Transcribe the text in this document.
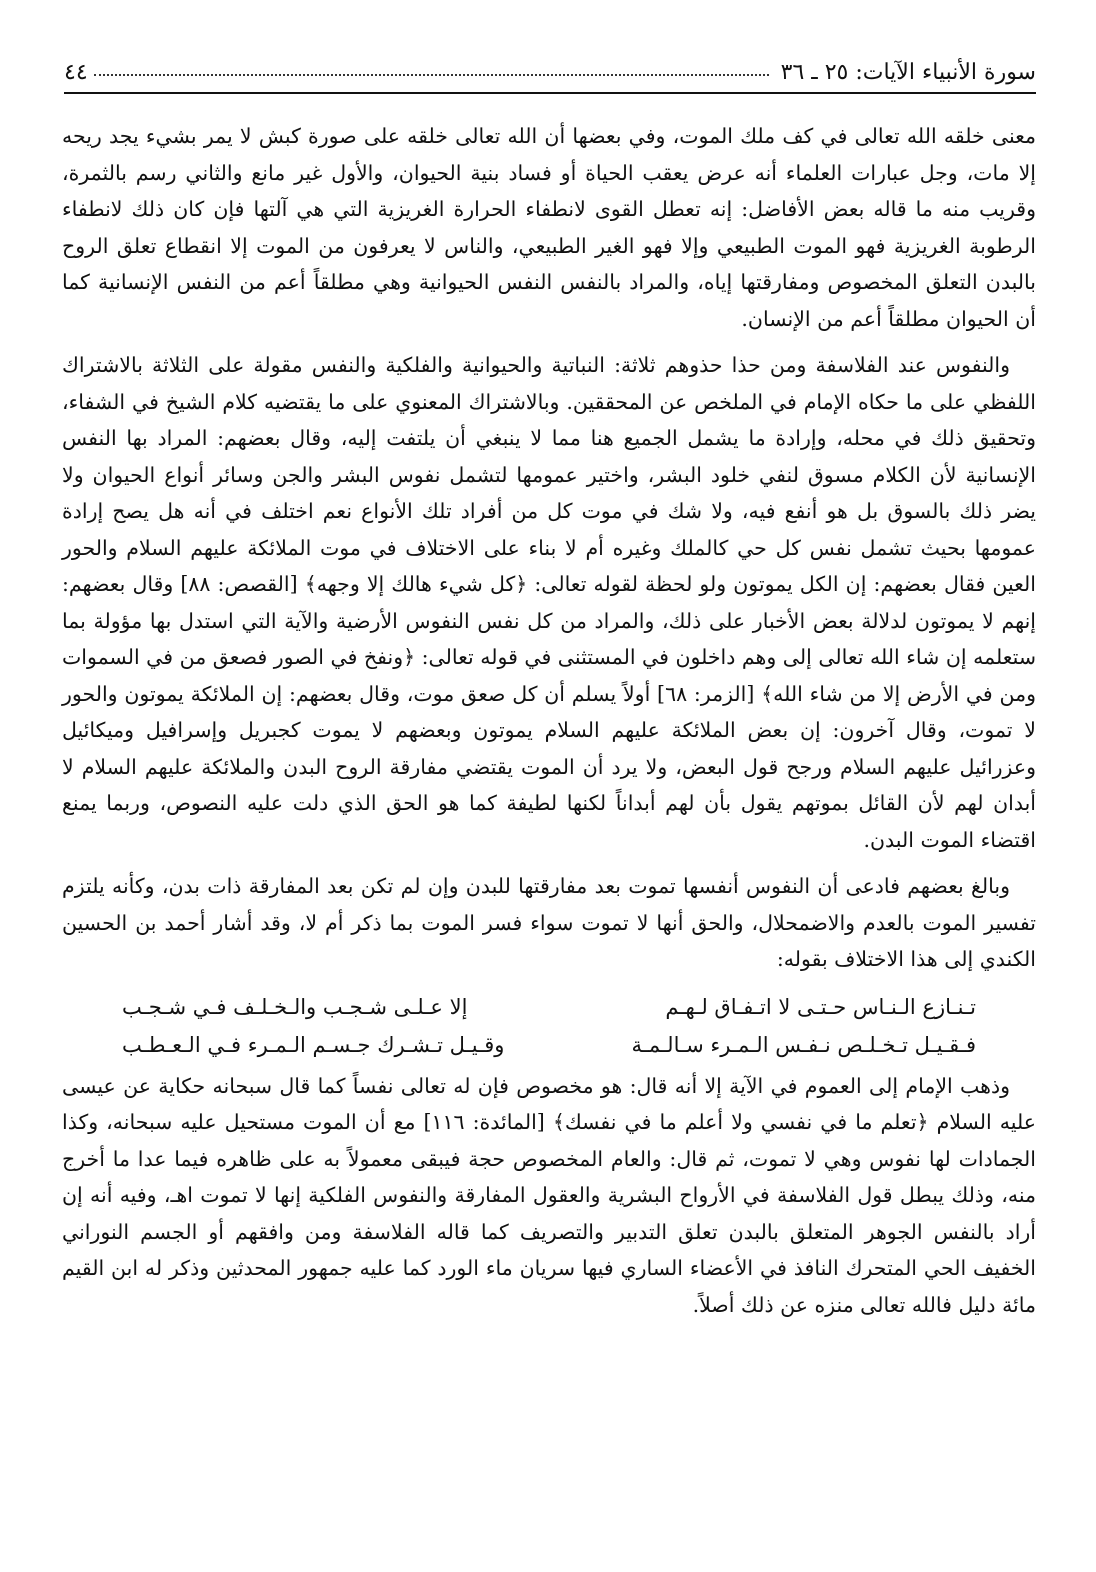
سورة الأنبياء الآيات: ٢٥ ـ ٣٦
٤٤

معنى خلقه الله تعالى في كف ملك الموت، وفي بعضها أن الله تعالى خلقه على صورة كبش لا يمر بشيء يجد ريحه إلا مات، وجل عبارات العلماء أنه عرض يعقب الحياة أو فساد بنية الحيوان، والأول غير مانع والثاني رسم بالثمرة، وقريب منه ما قاله بعض الأفاضل: إنه تعطل القوى لانطفاء الحرارة الغريزية التي هي آلتها فإن كان ذلك لانطفاء الرطوبة الغريزية فهو الموت الطبيعي وإلا فهو الغير الطبيعي، والناس لا يعرفون من الموت إلا انقطاع تعلق الروح بالبدن التعلق المخصوص ومفارقتها إياه، والمراد بالنفس النفس الحيوانية وهي مطلقاً أعم من النفس الإنسانية كما أن الحيوان مطلقاً أعم من الإنسان.

والنفوس عند الفلاسفة ومن حذا حذوهم ثلاثة: النباتية والحيوانية والفلكية والنفس مقولة على الثلاثة بالاشتراك اللفظي على ما حكاه الإمام في الملخص عن المحققين. وبالاشتراك المعنوي على ما يقتضيه كلام الشيخ في الشفاء، وتحقيق ذلك في محله، وإرادة ما يشمل الجميع هنا مما لا ينبغي أن يلتفت إليه، وقال بعضهم: المراد بها النفس الإنسانية لأن الكلام مسوق لنفي خلود البشر، واختير عمومها لتشمل نفوس البشر والجن وسائر أنواع الحيوان ولا يضر ذلك بالسوق بل هو أنفع فيه، ولا شك في موت كل من أفراد تلك الأنواع نعم اختلف في أنه هل يصح إرادة عمومها بحيث تشمل نفس كل حي كالملك وغيره أم لا بناء على الاختلاف في موت الملائكة عليهم السلام والحور العين فقال بعضهم: إن الكل يموتون ولو لحظة لقوله تعالى: ﴿كل شيء هالك إلا وجهه﴾ [القصص: ٨٨] وقال بعضهم: إنهم لا يموتون لدلالة بعض الأخبار على ذلك، والمراد من كل نفس النفوس الأرضية والآية التي استدل بها مؤولة بما ستعلمه إن شاء الله تعالى إلى وهم داخلون في المستثنى في قوله تعالى: ﴿ونفخ في الصور فصعق من في السموات ومن في الأرض إلا من شاء الله﴾ [الزمر: ٦٨] أولاً يسلم أن كل صعق موت، وقال بعضهم: إن الملائكة يموتون والحور لا تموت، وقال آخرون: إن بعض الملائكة عليهم السلام يموتون وبعضهم لا يموت كجبريل وإسرافيل وميكائيل وعزرائيل عليهم السلام ورجح قول البعض، ولا يرد أن الموت يقتضي مفارقة الروح البدن والملائكة عليهم السلام لا أبدان لهم لأن القائل بموتهم يقول بأن لهم أبداناً لكنها لطيفة كما هو الحق الذي دلت عليه النصوص، وربما يمنع اقتضاء الموت البدن.

وبالغ بعضهم فادعى أن النفوس أنفسها تموت بعد مفارقتها للبدن وإن لم تكن بعد المفارقة ذات بدن، وكأنه يلتزم تفسير الموت بالعدم والاضمحلال، والحق أنها لا تموت سواء فسر الموت بما ذكر أم لا، وقد أشار أحمد بن الحسين الكندي إلى هذا الاختلاف بقوله:

تـنـازع الـنـاس حـتـى لا اتـفـاق لـهـم
إلا عـلـى شـجـب والـخـلـف فـي شـجـب
فـقـيـل تـخـلـص نـفـس الـمـرء سـالـمـة
وقـيـل تـشـرك جـسـم الـمـرء فـي الـعـطـب

وذهب الإمام إلى العموم في الآية إلا أنه قال: هو مخصوص فإن له تعالى نفساً كما قال سبحانه حكاية عن عيسى عليه السلام ﴿تعلم ما في نفسي ولا أعلم ما في نفسك﴾ [المائدة: ١١٦] مع أن الموت مستحيل عليه سبحانه، وكذا الجمادات لها نفوس وهي لا تموت، ثم قال: والعام المخصوص حجة فيبقى معمولاً به على ظاهره فيما عدا ما أخرج منه، وذلك يبطل قول الفلاسفة في الأرواح البشرية والعقول المفارقة والنفوس الفلكية إنها لا تموت اهـ، وفيه أنه إن أراد بالنفس الجوهر المتعلق بالبدن تعلق التدبير والتصريف كما قاله الفلاسفة ومن وافقهم أو الجسم النوراني الخفيف الحي المتحرك النافذ في الأعضاء الساري فيها سريان ماء الورد كما عليه جمهور المحدثين وذكر له ابن القيم مائة دليل فالله تعالى منزه عن ذلك أصلاً.
